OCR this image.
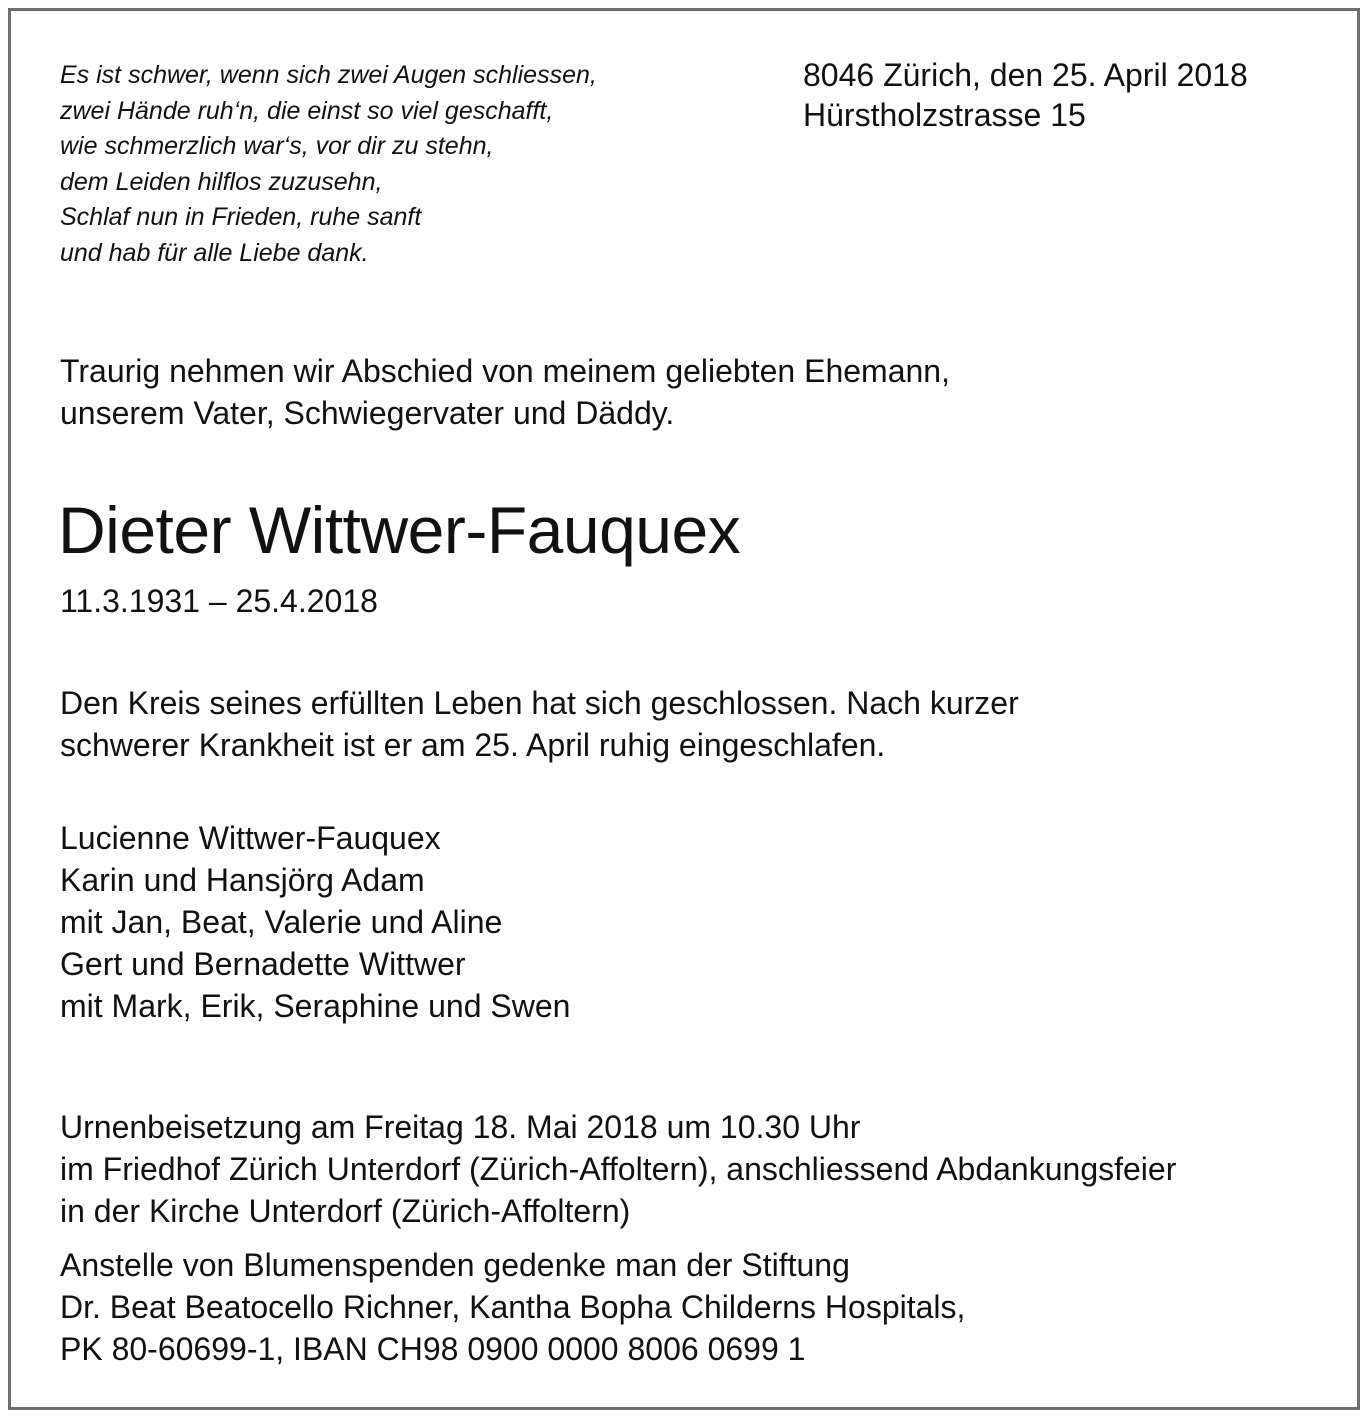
Es ist schwer, wenn sich zwei Augen schliessen,
zwei Hände ruh‘n, die einst so viel geschafft,
wie schmerzlich war‘s, vor dir zu stehn,
dem Leiden hilflos zuzusehn,
Schlaf nun in Frieden, ruhe sanft
und hab für alle Liebe dank.
8046 Zürich, den 25. April 2018
Hürstholzstrasse 15
Traurig nehmen wir Abschied von meinem geliebten Ehemann,
unserem Vater, Schwiegervater und Däddy.
Dieter Wittwer-Fauquex
11.3.1931 – 25.4.2018
Den Kreis seines erfüllten Leben hat sich geschlossen. Nach kurzer
schwerer Krankheit ist er am 25. April ruhig eingeschlafen.
Lucienne Wittwer-Fauquex
Karin und Hansjörg Adam
mit Jan, Beat, Valerie und Aline
Gert und Bernadette Wittwer
mit Mark, Erik, Seraphine und Swen
Urnenbeisetzung am Freitag 18. Mai 2018 um 10.30 Uhr
im Friedhof Zürich Unterdorf (Zürich-Affoltern), anschliessend Abdankungsfeier
in der Kirche Unterdorf (Zürich-Affoltern)
Anstelle von Blumenspenden gedenke man der Stiftung
Dr. Beat Beatocello Richner, Kantha Bopha Childerns Hospitals,
PK 80-60699-1, IBAN CH98 0900 0000 8006 0699 1
